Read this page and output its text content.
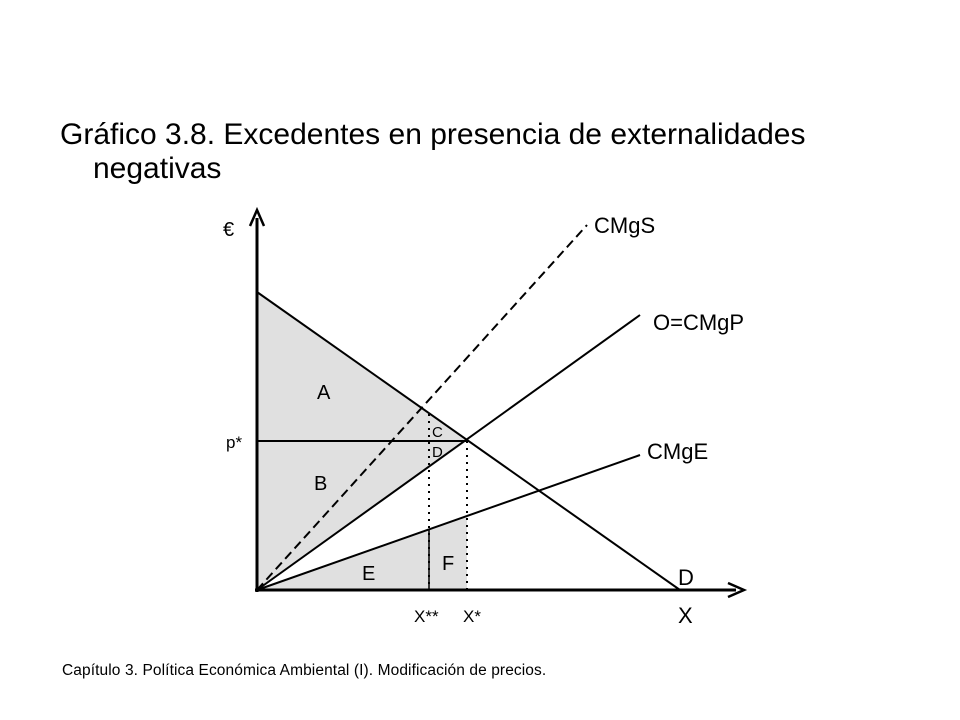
Gráfico 3.8. Excedentes en presencia de externalidades
negativas
€
X
p*
CMgS
O=CMgP
CMgE
D
A
B
C
D
E	F
X** X*
Capítulo 3. Política Económica Ambiental (I). Modificación de precios.
